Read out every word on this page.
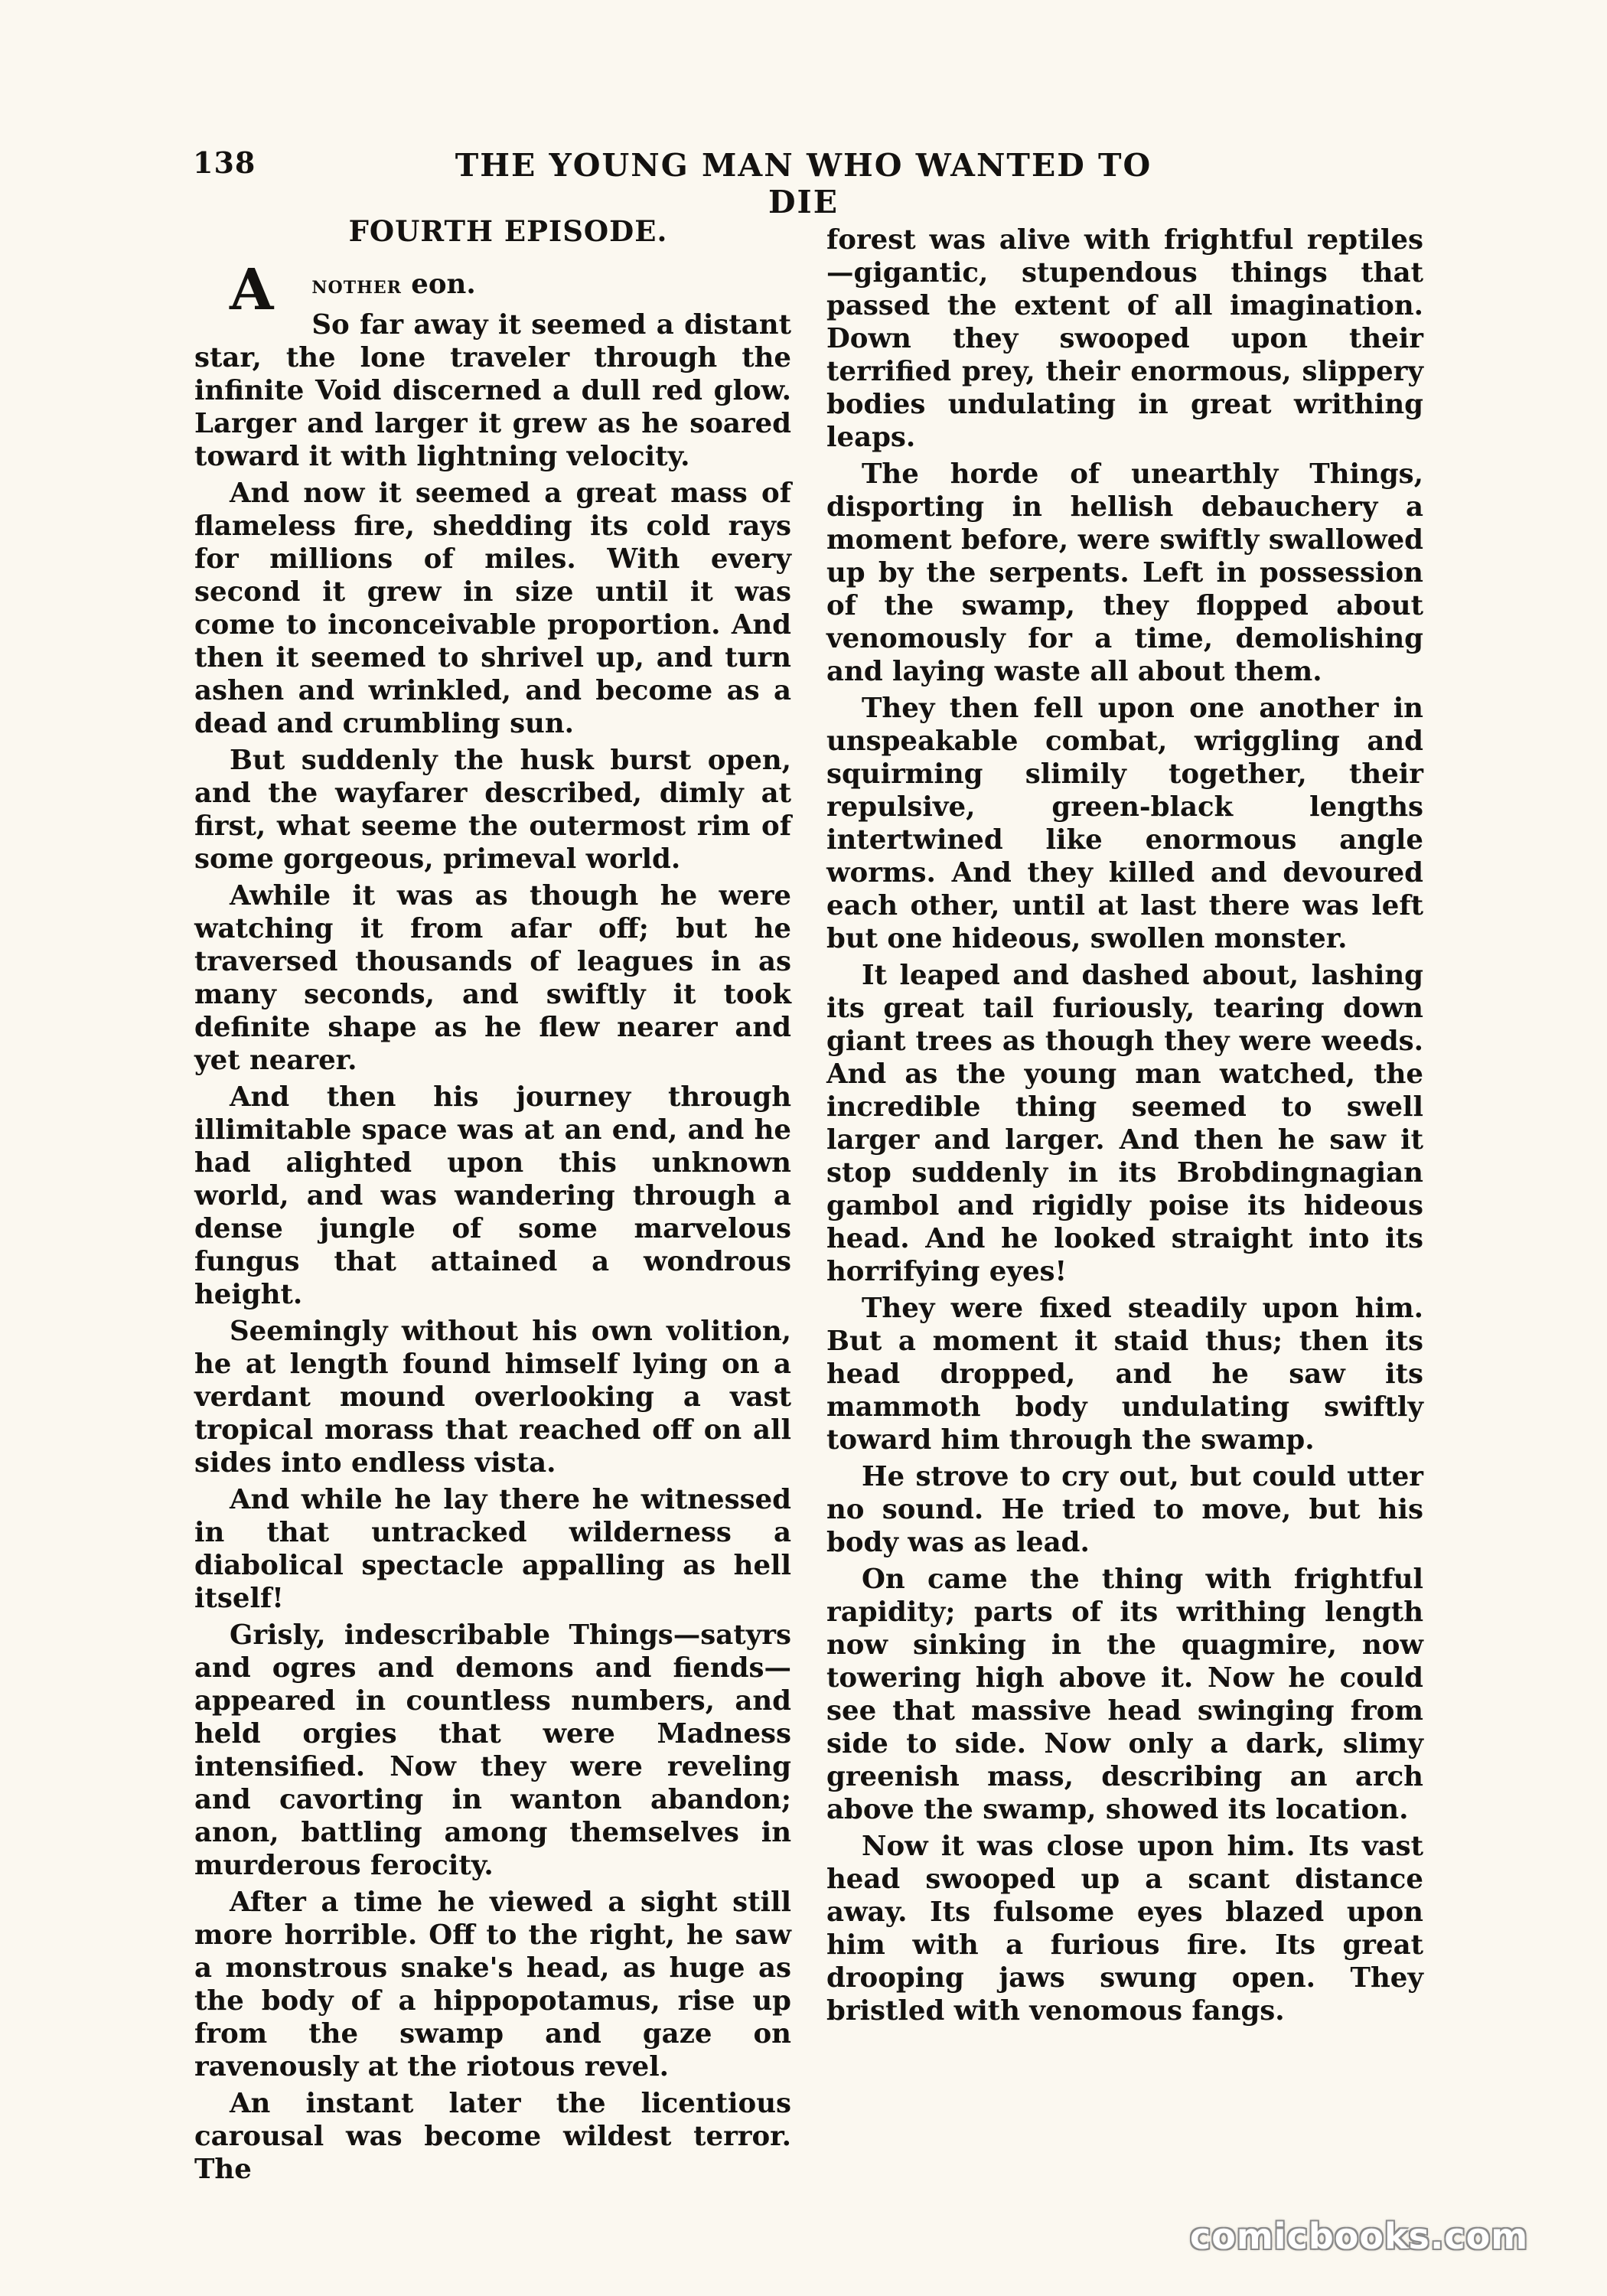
138	THE YOUNG MAN WHO WANTED TO DIE
FOURTH EPISODE.

A NOTHER eon.

So far away it seemed a distant star, the lone traveler through the infinite Void discerned a dull red glow. Larger and larger it grew as he soared toward it with lightning velocity.

And now it seemed a great mass of flameless fire, shedding its cold rays for millions of miles. With every second it grew in size until it was come to inconceivable proportion. And then it seemed to shrivel up, and turn ashen and wrinkled, and become as a dead and crumbling sun.

But suddenly the husk burst open, and the wayfarer described, dimly at first, what seeme the outermost rim of some gorgeous, primeval world.

Awhile it was as though he were watching it from afar off; but he traversed thousands of leagues in as many seconds, and swiftly it took definite shape as he flew nearer and yet nearer.

And then his journey through illimitable space was at an end, and he had alighted upon this unknown world, and was wandering through a dense jungle of some marvelous fungus that attained a wondrous height.

Seemingly without his own volition, he at length found himself lying on a verdant mound overlooking a vast tropical morass that reached off on all sides into endless vista.

And while he lay there he witnessed in that untracked wilderness a diabolical spectacle appalling as hell itself!

Grisly, indescribable Things—satyrs and ogres and demons and fiends—appeared in countless numbers, and held orgies that were Madness intensified. Now they were reveling and cavorting in wanton abandon; anon, battling among themselves in murderous ferocity.

After a time he viewed a sight still more horrible. Off to the right, he saw a monstrous snake's head, as huge as the body of a hippopotamus, rise up from the swamp and gaze on ravenously at the riotous revel.

An instant later the licentious carousal was become wildest terror. The

forest was alive with frightful reptiles—gigantic, stupendous things that passed the extent of all imagination. Down they swooped upon their terrified prey, their enormous, slippery bodies undulating in great writhing leaps.

The horde of unearthly Things, disporting in hellish debauchery a moment before, were swiftly swallowed up by the serpents. Left in possession of the swamp, they flopped about venomously for a time, demolishing and laying waste all about them.

They then fell upon one another in unspeakable combat, wriggling and squirming slimily together, their repulsive, green-black lengths intertwined like enormous angle worms. And they killed and devoured each other, until at last there was left but one hideous, swollen monster.

It leaped and dashed about, lashing its great tail furiously, tearing down giant trees as though they were weeds. And as the young man watched, the incredible thing seemed to swell larger and larger. And then he saw it stop suddenly in its Brobdingnagian gambol and rigidly poise its hideous head. And he looked straight into its horrifying eyes!

They were fixed steadily upon him. But a moment it staid thus; then its head dropped, and he saw its mammoth body undulating swiftly toward him through the swamp.

He strove to cry out, but could utter no sound. He tried to move, but his body was as lead.

On came the thing with frightful rapidity; parts of its writhing length now sinking in the quagmire, now towering high above it. Now he could see that massive head swinging from side to side. Now only a dark, slimy greenish mass, describing an arch above the swamp, showed its location.

Now it was close upon him. Its vast head swooped up a scant distance away. Its fulsome eyes blazed upon him with a furious fire. Its great drooping jaws swung open. They bristled with venomous fangs.

comicbooks.com
